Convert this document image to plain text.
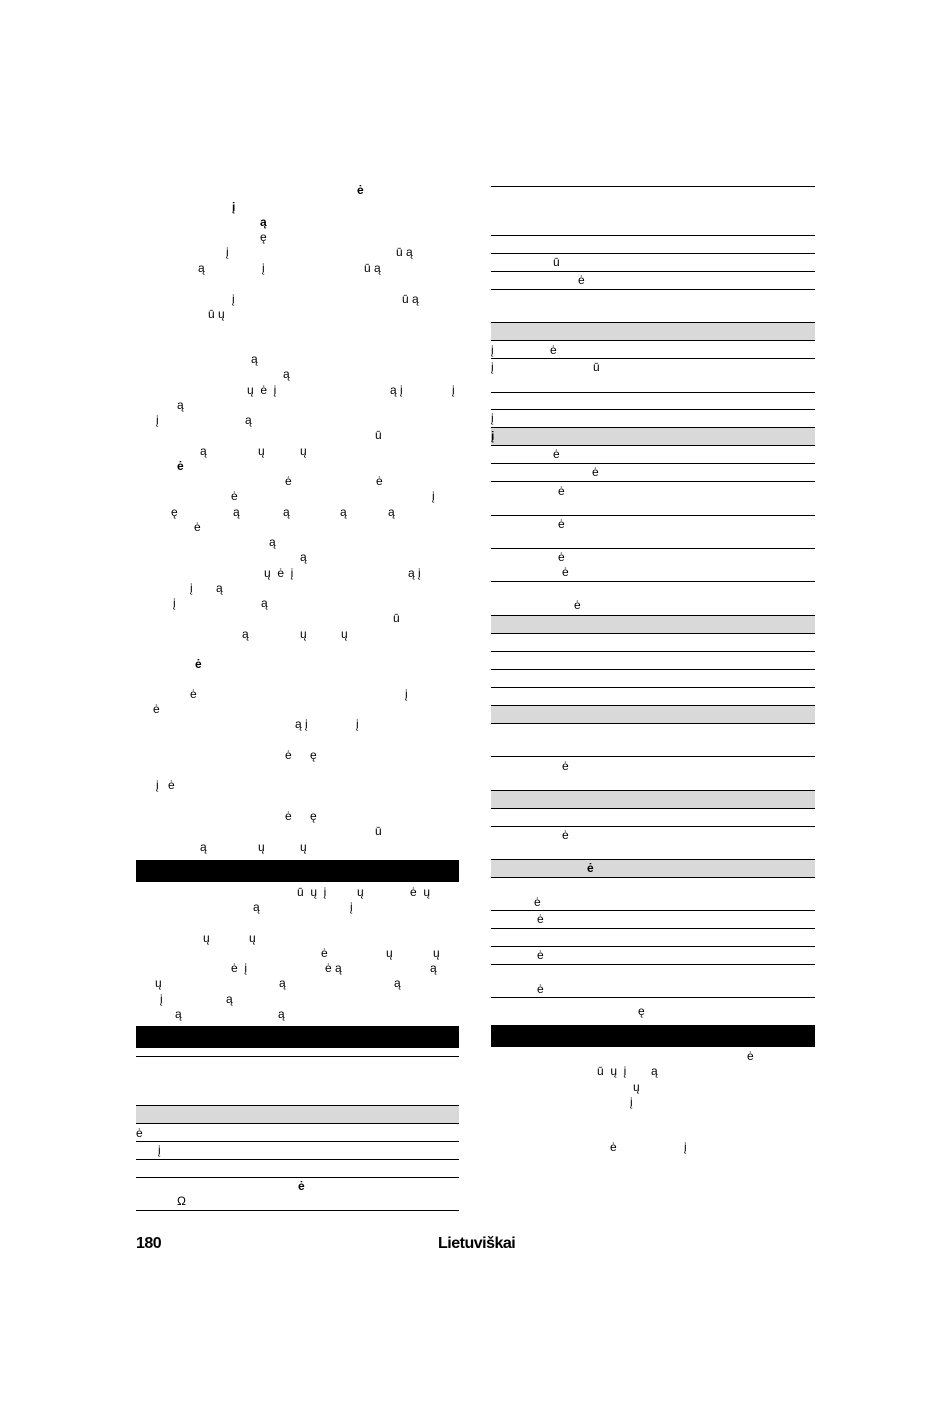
ė
į
ą
ę
į	ū ą
ą	į	ū ą
į	ū ą
ū ų
ą
ą
ų  ė  į	ą į	į
ą
į	ą
ū
ą	ų	ų
ė
ė	ė
ė	į
ę	ą	ą	ą	ą
ė
ą
ą
ų  ė  į	ą į
į ą
į	ą
ū
ą	ų	ų
ė
ė	į
ė
ą į	į
ė ę
į ė
ė ę
ū
ą	ų	ų
ū  ų  į	ų	ė  ų
ą	į
ų	ų
ė	ų	ų
ė  į
ą
ė ą	ą
ų	ą
ą
į
ą	ą
ė
į
ė
Ω
ū
ė
į	ė
į	ū
į
į
ė
ė
ė
ė
ė
ė
ė
ė
ė
ė
ė
ė
ė
ė
ę
ė
ū  ų  į ą
ų
į
ė	į
180	Lietuviškai
